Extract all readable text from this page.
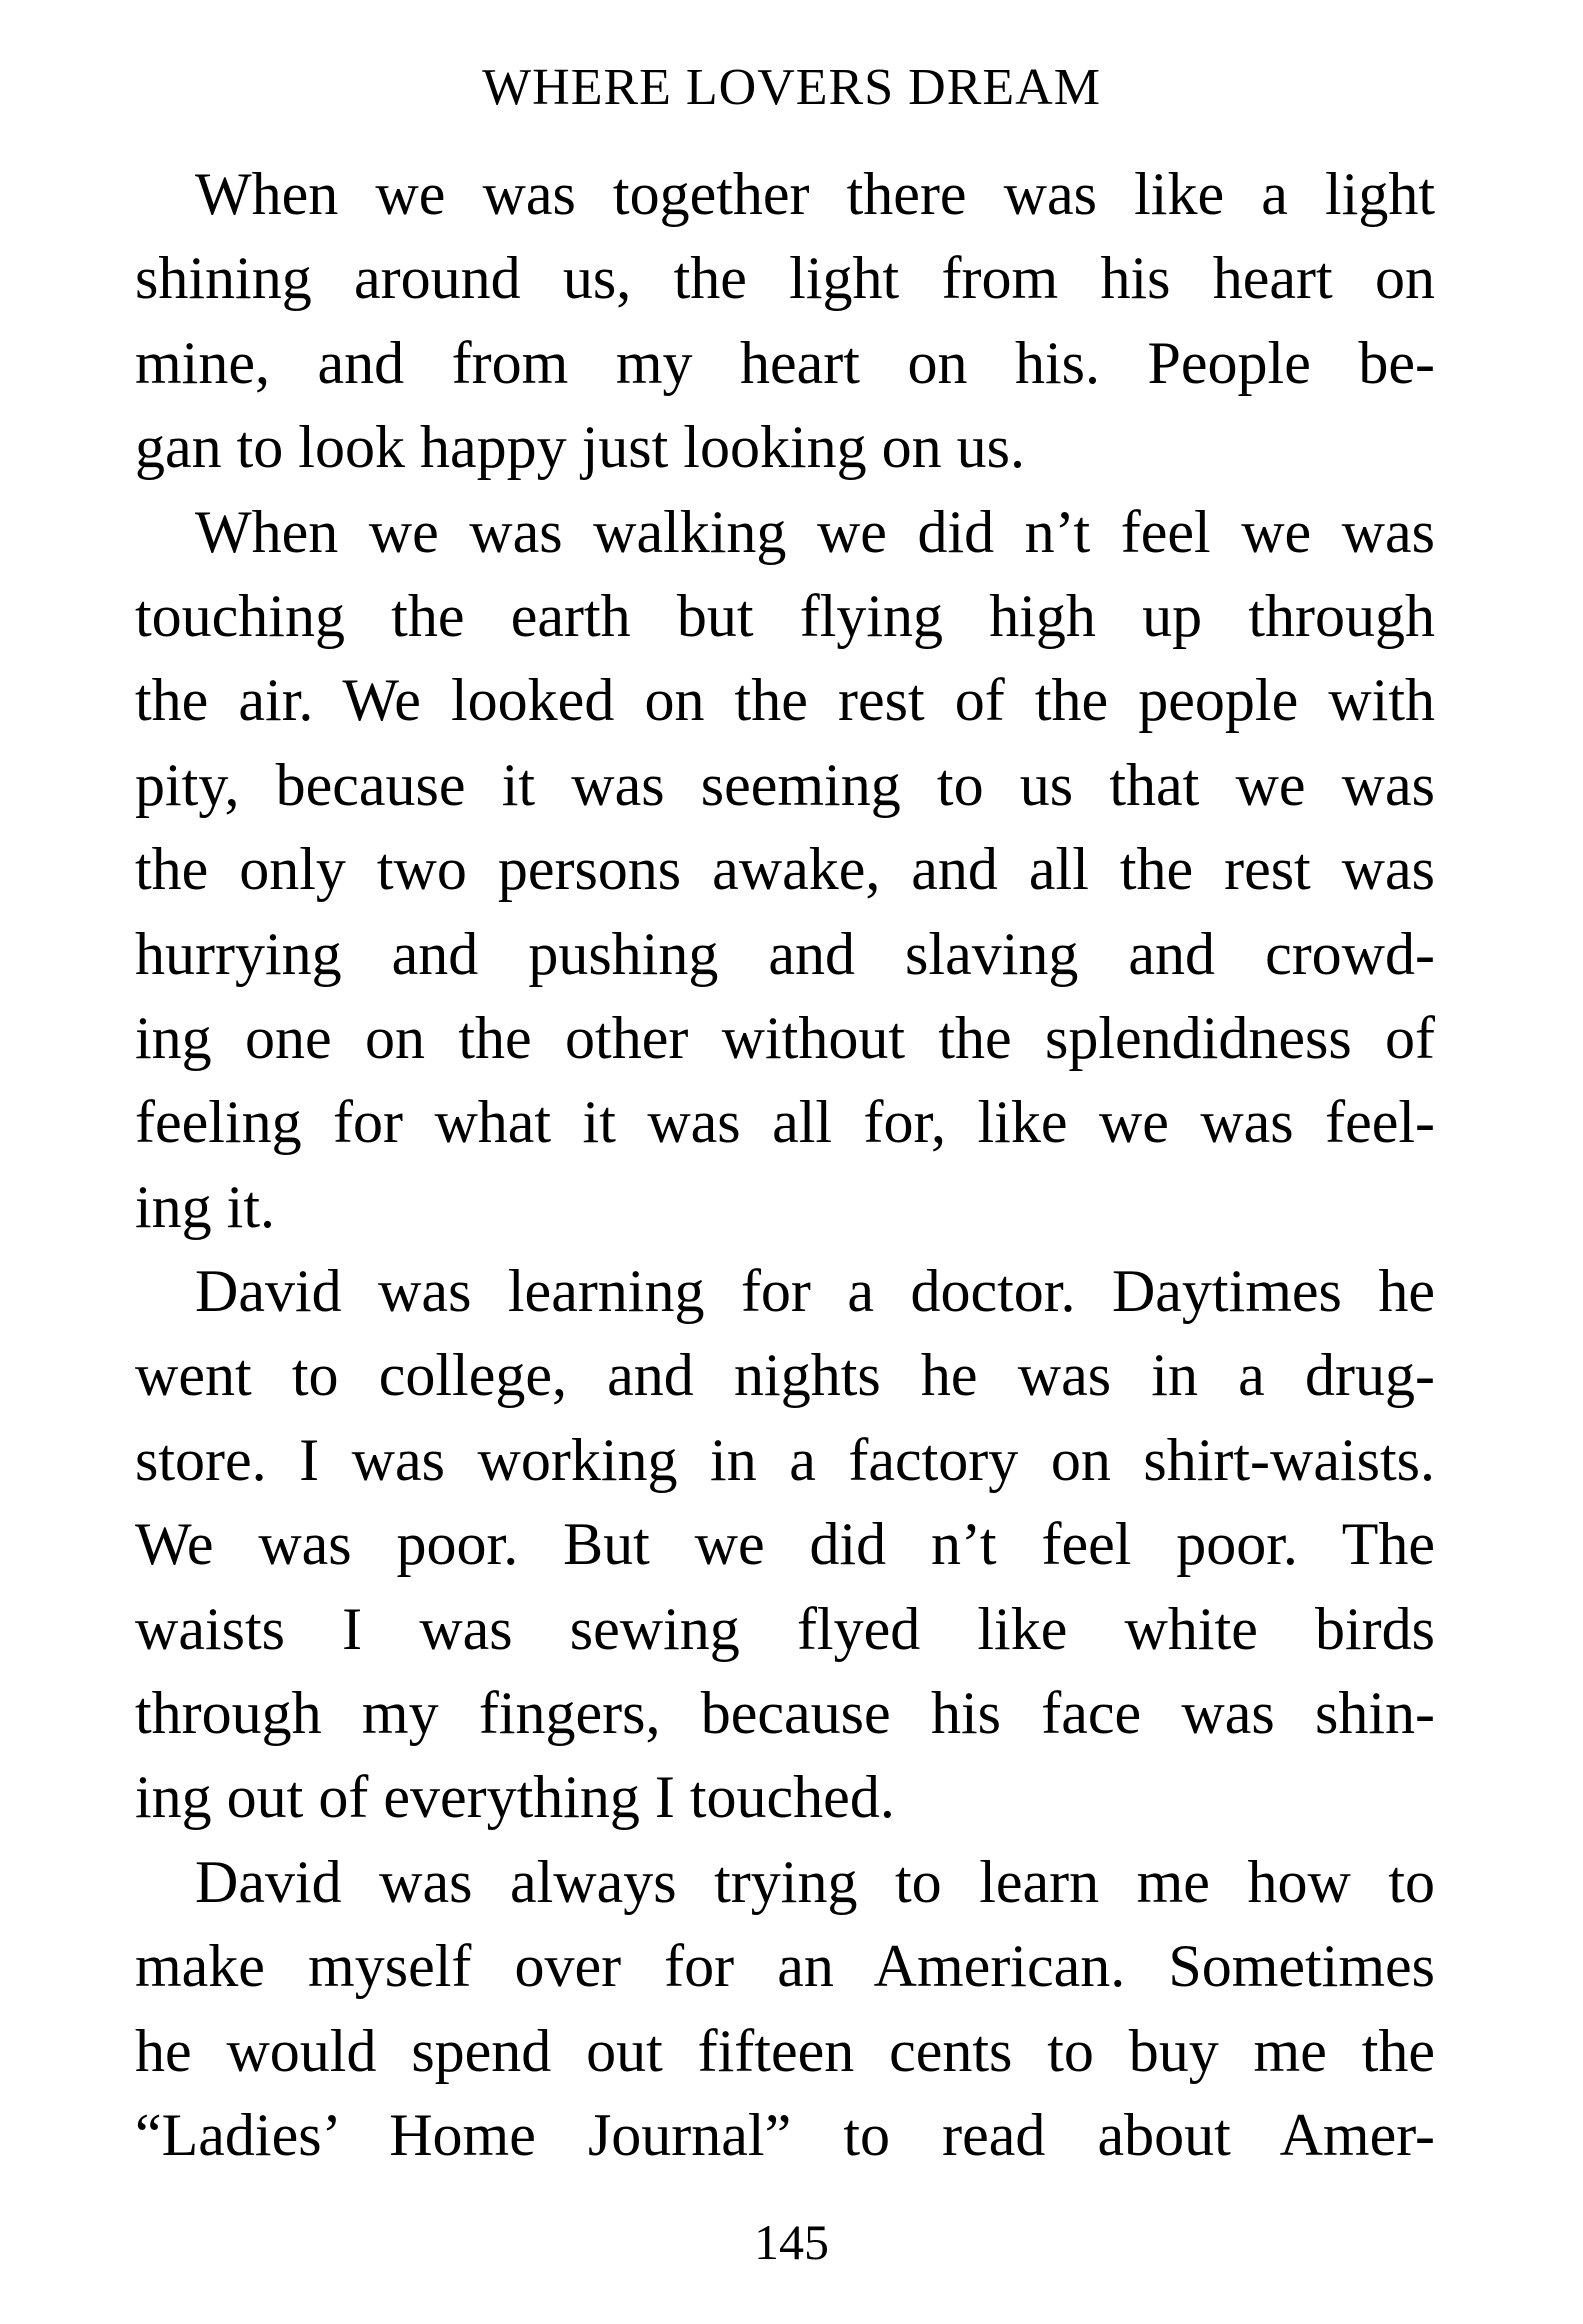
WHERE LOVERS DREAM
When we was together there was like a light
shining around us, the light from his heart on
mine, and from my heart on his. People be-
gan to look happy just looking on us.
When we was walking we did n’t feel we was
touching the earth but flying high up through
the air. We looked on the rest of the people with
pity, because it was seeming to us that we was
the only two persons awake, and all the rest was
hurrying and pushing and slaving and crowd-
ing one on the other without the splendidness of
feeling for what it was all for, like we was feel-
ing it.
David was learning for a doctor. Daytimes he
went to college, and nights he was in a drug-
store. I was working in a factory on shirt-waists.
We was poor. But we did n’t feel poor. The
waists I was sewing flyed like white birds
through my fingers, because his face was shin-
ing out of everything I touched.
David was always trying to learn me how to
make myself over for an American. Sometimes
he would spend out fifteen cents to buy me the
“Ladies’ Home Journal” to read about Amer-
145
